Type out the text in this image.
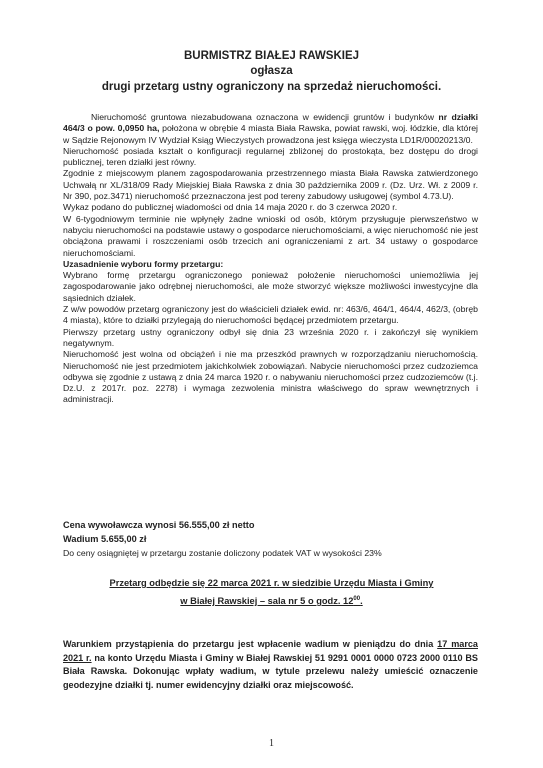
BURMISTRZ BIAŁEJ RAWSKIEJ
ogłasza
drugi przetarg ustny ograniczony na sprzedaż nieruchomości.

Nieruchomość gruntowa niezabudowana oznaczona w ewidencji gruntów i budynków nr działki 464/3 o pow. 0,0950 ha, położona w obrębie 4 miasta Biała Rawska, powiat rawski, woj. łódzkie, dla której w Sądzie Rejonowym IV Wydział Ksiąg Wieczystych prowadzona jest księga wieczysta LD1R/00020213/0.

Nieruchomość posiada kształt o konfiguracji regularnej zbliżonej do prostokąta, bez dostępu do drogi publicznej, teren działki jest równy.

Zgodnie z miejscowym planem zagospodarowania przestrzennego miasta Biała Rawska zatwierdzonego Uchwałą nr XL/318/09 Rady Miejskiej Biała Rawska z dnia 30 października 2009 r. (Dz. Urz. Wł. z 2009 r. Nr 390, poz.3471) nieruchomość przeznaczona jest pod tereny zabudowy usługowej (symbol 4.73.U).

Wykaz podano do publicznej wiadomości od dnia 14 maja 2020 r. do 3 czerwca 2020 r.

W 6-tygodniowym terminie nie wpłynęły żadne wnioski od osób, którym przysługuje pierwszeństwo w nabyciu nieruchomości na podstawie ustawy o gospodarce nieruchomościami, a więc nieruchomość nie jest obciążona prawami i roszczeniami osób trzecich ani ograniczeniami z art. 34 ustawy o gospodarce nieruchomościami.

Uzasadnienie wyboru formy przetargu:

Wybrano formę przetargu ograniczonego ponieważ położenie nieruchomości uniemożliwia jej zagospodarowanie jako odrębnej nieruchomości, ale może stworzyć większe możliwości inwestycyjne dla sąsiednich działek.

Z w/w powodów przetarg ograniczony jest do właścicieli działek ewid. nr: 463/6, 464/1, 464/4, 462/3, (obręb 4 miasta), które to działki przylegają do nieruchomości będącej przedmiotem przetargu.

Pierwszy przetarg ustny ograniczony odbył się dnia 23 września 2020 r. i zakończył się wynikiem negatywnym.

Nieruchomość jest wolna od obciążeń i nie ma przeszkód prawnych w rozporządzaniu nieruchomością. Nieruchomość nie jest przedmiotem jakichkolwiek zobowiązań. Nabycie nieruchomości przez cudzoziemca odbywa się zgodnie z ustawą z dnia 24 marca 1920 r. o nabywaniu nieruchomości przez cudzoziemców (t.j. Dz.U. z 2017r. poz. 2278) i wymaga zezwolenia ministra właściwego do spraw wewnętrznych i administracji.

Cena wywoławcza wynosi 56.555,00 zł netto
Wadium 5.655,00 zł
Do ceny osiągniętej w przetargu zostanie doliczony podatek VAT w wysokości 23%
Przetarg odbędzie się 22 marca 2021 r. w siedzibie Urzędu Miasta i Gminy
w Białej Rawskiej – sala nr 5 o godz. $12^{00}$.
Warunkiem przystąpienia do przetargu jest wpłacenie wadium w pieniądzu do dnia 17 marca 2021 r. na konto Urzędu Miasta i Gminy w Białej Rawskiej 51 9291 0001 0000 0723 2000 0110 BS Biała Rawska. Dokonując wpłaty wadium, w tytule przelewu należy umieścić oznaczenie geodezyjne działki tj. numer ewidencyjny działki oraz miejscowość.
1
